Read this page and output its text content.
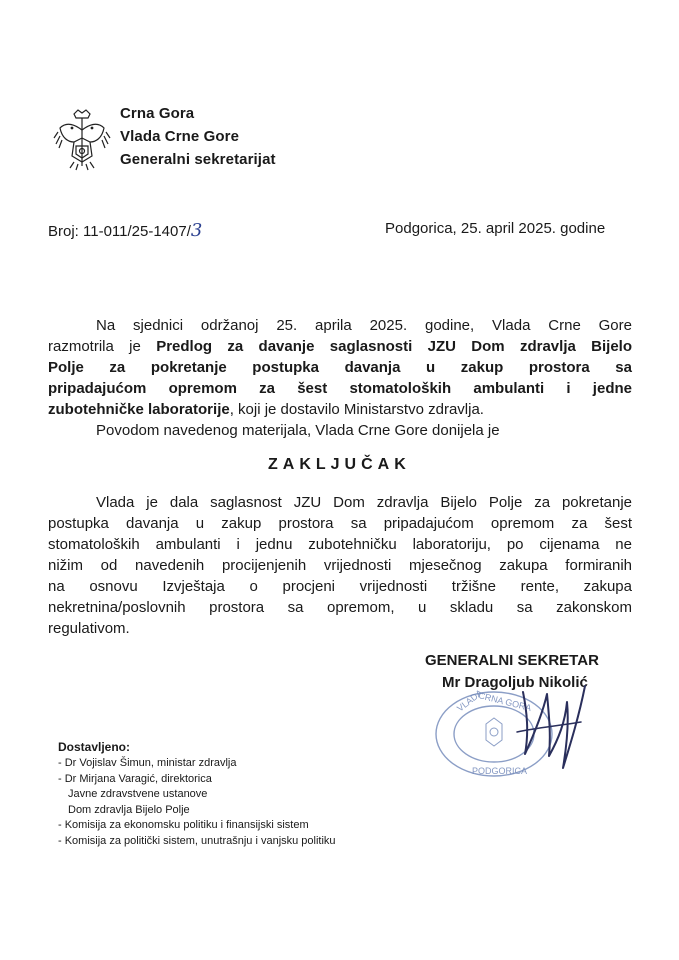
Crna Gora
Vlada Crne Gore
Generalni sekretarijat
Broj: 11-011/25-1407/3	Podgorica, 25. april 2025. godine
Na sjednici održanoj 25. aprila 2025. godine, Vlada Crne Gore
razmotrila je Predlog za davanje saglasnosti JZU Dom zdravlja Bijelo
Polje za pokretanje postupka davanja u zakup prostora sa
pripadajućom opremom za šest stomatoloških ambulanti i jedne
zubotehničke laboratorije, koji je dostavilo Ministarstvo zdravlja.
Povodom navedenog materijala, Vlada Crne Gore donijela je
ZAKLJUČAK
Vlada je dala saglasnost JZU Dom zdravlja Bijelo Polje za pokretanje
postupka davanja u zakup prostora sa pripadajućom opremom za šest
stomatoloških ambulanti i jednu zubotehničku laboratoriju, po cijenama ne
nižim od navedenih procijenjenih vrijednosti mjesečnog zakupa formiranih
na osnovu Izvještaja o procjeni vrijednosti tržišne rente, zakupa
nekretnina/poslovnih prostora sa opremom, u skladu sa zakonskom
regulativom.
VLADA
CRNA GORA
PODGORICA
GENERALNI SEKRETAR
Mr Dragoljub Nikolić
Dostavljeno:
- Dr Vojislav Šimun, ministar zdravlja
- Dr Mirjana Varagić, direktorica
Javne zdravstvene ustanove
Dom zdravlja Bijelo Polje
- Komisija za ekonomsku politiku i finansijski sistem
- Komisija za politički sistem, unutrašnju i vanjsku politiku
